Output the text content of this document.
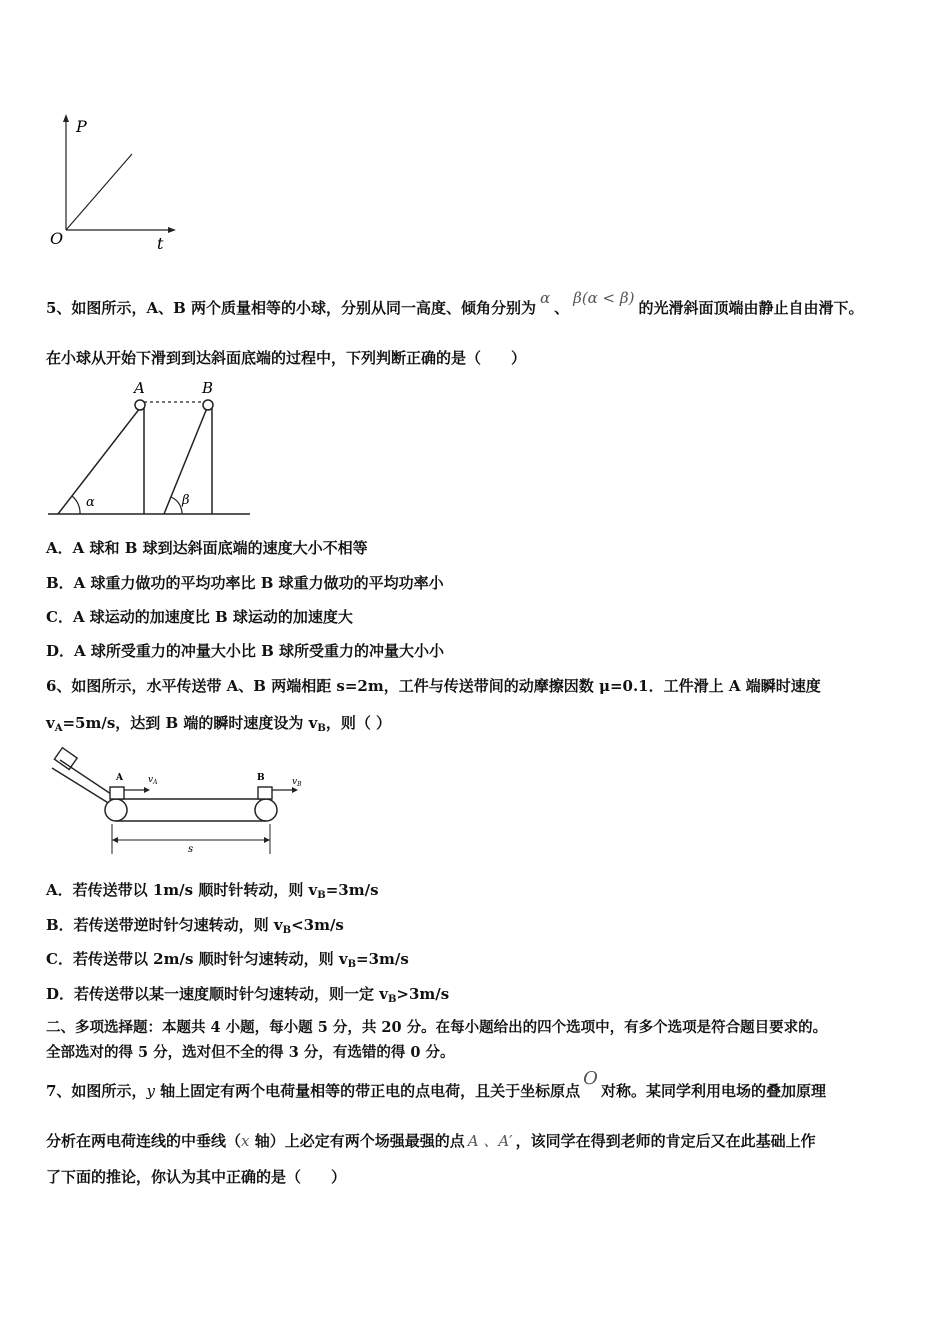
P
t
O
5、如图所示，A、B 两个质量相等的小球，分别从同一高度、倾角分别为α、β(α < β)的光滑斜面顶端由静止自由滑下。
在小球从开始下滑到到达斜面底端的过程中，下列判断正确的是（　　）
A	B
α	β
A．A 球和 B 球到达斜面底端的速度大小不相等
B．A 球重力做功的平均功率比 B 球重力做功的平均功率小
C．A 球运动的加速度比 B 球运动的加速度大
D．A 球所受重力的冲量大小比 B 球所受重力的冲量大小小
6、如图所示，水平传送带 A、B 两端相距 s=2m，工件与传送带间的动摩擦因数 μ=0.1．工件滑上 A 端瞬时速度
$v_A=5m/s$，达到 B 端的瞬时速度设为 $v_B$，则（ ）
A	B
$v_A$	$v_B$
s
A．若传送带以 1m/s 顺时针转动，则 $v_B=3m/s$
B．若传送带逆时针匀速转动，则 $v_B<3m/s$
C．若传送带以 2m/s 顺时针匀速转动，则 $v_B=3m/s$
D．若传送带以某一速度顺时针匀速转动，则一定 $v_B>3m/s$
二、多项选择题：本题共 4 小题，每小题 5 分，共 20 分。在每小题给出的四个选项中，有多个选项是符合题目要求的。
全部选对的得 5 分，选对但不全的得 3 分，有选错的得 0 分。
7、如图所示，y 轴上固定有两个电荷量相等的带正电的点电荷，且关于坐标原点O对称。某同学利用电场的叠加原理
分析在两电荷连线的中垂线（x 轴）上必定有两个场强最强的点 A 、A′ ，该同学在得到老师的肯定后又在此基础上作
了下面的推论，你认为其中正确的是（　　）
